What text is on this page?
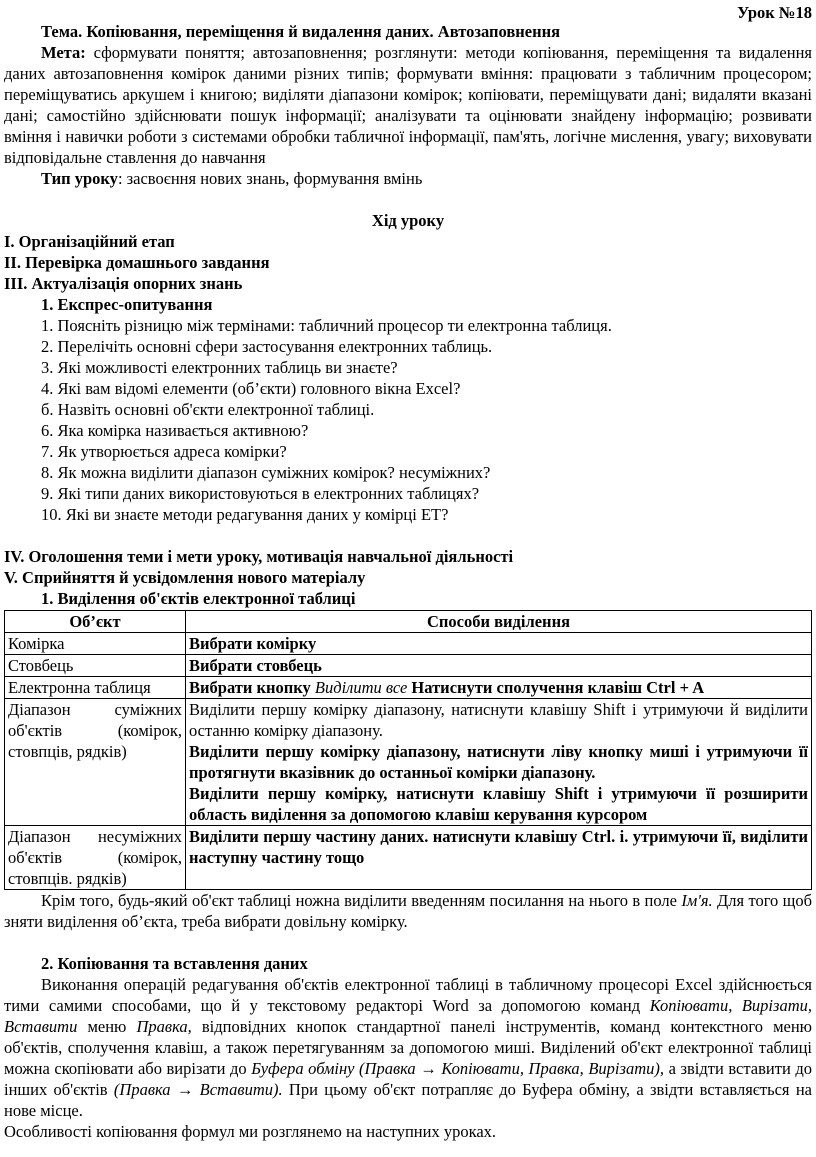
Урок №18

Тема. Копіювання, переміщення й видалення даних. Автозаповнення

Мета: сформувати поняття; автозаповнення; розглянути: методи копіювання, переміщення та видалення даних автозаповнення комірок даними різних типів; формувати вміння: працювати з табличним процесором; переміщуватись аркушем і книгою; виділяти діапазони комірок; копіювати, переміщувати дані; видаляти вказані дані; самостійно здійснювати пошук інформації; аналізувати та оцінювати знайдену інформацію; розвивати вміння і навички роботи з системами обробки табличної інформації, пам'ять, логічне мислення, увагу; виховувати відповідальне ставлення до навчання

Тип уроку: засвоєння нових знань, формування вмінь

Хід уроку

І. Організаційний етап

ІІ. Перевірка домашнього завдання

ІІІ. Актуалізація опорних знань

1. Експрес-опитування

1. Поясніть різницю між термінами: табличний процесор ти електронна таблиця.

2. Перелічіть основні сфери застосування електронних таблиць.

3. Які можливості електронних таблиць ви знаєте?

4. Які вам відомі елементи (об’єкти) головного вікна Excel?

б. Назвіть основні об'єкти електронної таблиці.

6. Яка комірка називається активною?

7. Як утворюється адреса комірки?

8. Як можна виділити діапазон суміжних комірок? несуміжних?

9. Які типи даних використовуються в електронних таблицях?

10. Які ви знаєте методи редагування даних у комірці ЕТ?

IV. Оголошення теми і мети уроку, мотивація навчальної діяльності

V. Сприйняття й усвідомлення нового матеріалу

1. Виділення об'єктів електронної таблиці

Об’єкт	Способи виділення
Комірка	Вибрати комірку
Стовбець	Вибрати стовбець
Електронна таблиця	Вибрати кнопку Виділити все Натиснути сполучення клавіш Ctrl + A
Діапазон суміжних об'єктів (комірок, стовпців, рядків)	Виділити першу комірку діапазону, натиснути клавішу Shift і утримуючи й виділити останню комірку діапазону.

Виділити першу комірку діапазону, натиснути ліву кнопку миші і утримуючи її протягнути вказівник до останньої комірки діапазону.

Виділити першу комірку, натиснути клавішу Shift і утримуючи її розширити область виділення за допомогою клавіш керування курсором

Діапазон несуміжних об'єктів (комірок, стовпців. рядків)	Виділити першу частину даних. натиснути клавішу Ctrl. і. утримуючи її, виділити наступну частину тощо

Крім того, будь-який об'єкт таблиці ножна виділити введенням посилання на нього в поле Ім'я. Для того щоб зняти виділення об’єкта, треба вибрати довільну комірку.

2. Копіювання та вставлення даних

Виконання операцій редагування об'єктів електронної таблиці в табличному процесорі Excel здійснюється тими самими способами, що й у текстовому редакторі Word за допомогою команд Копіювати, Вирізати, Вставити меню Правка, відповідних кнопок стандартної панелі інструментів, команд контекстного меню об'єктів, сполучення клавіш, а також перетягуванням за допомогою миші. Виділений об'єкт електронної таблиці можна скопіювати або вирізати до Буфера обміну (Правка → Копіювати, Правка, Вирізати), а звідти вставити до інших об'єктів (Правка → Вставити). При цьому об'єкт потрапляє до Буфера обміну, а звідти вставляється на нове місце.

Особливості копіювання формул ми розглянемо на наступних уроках.
